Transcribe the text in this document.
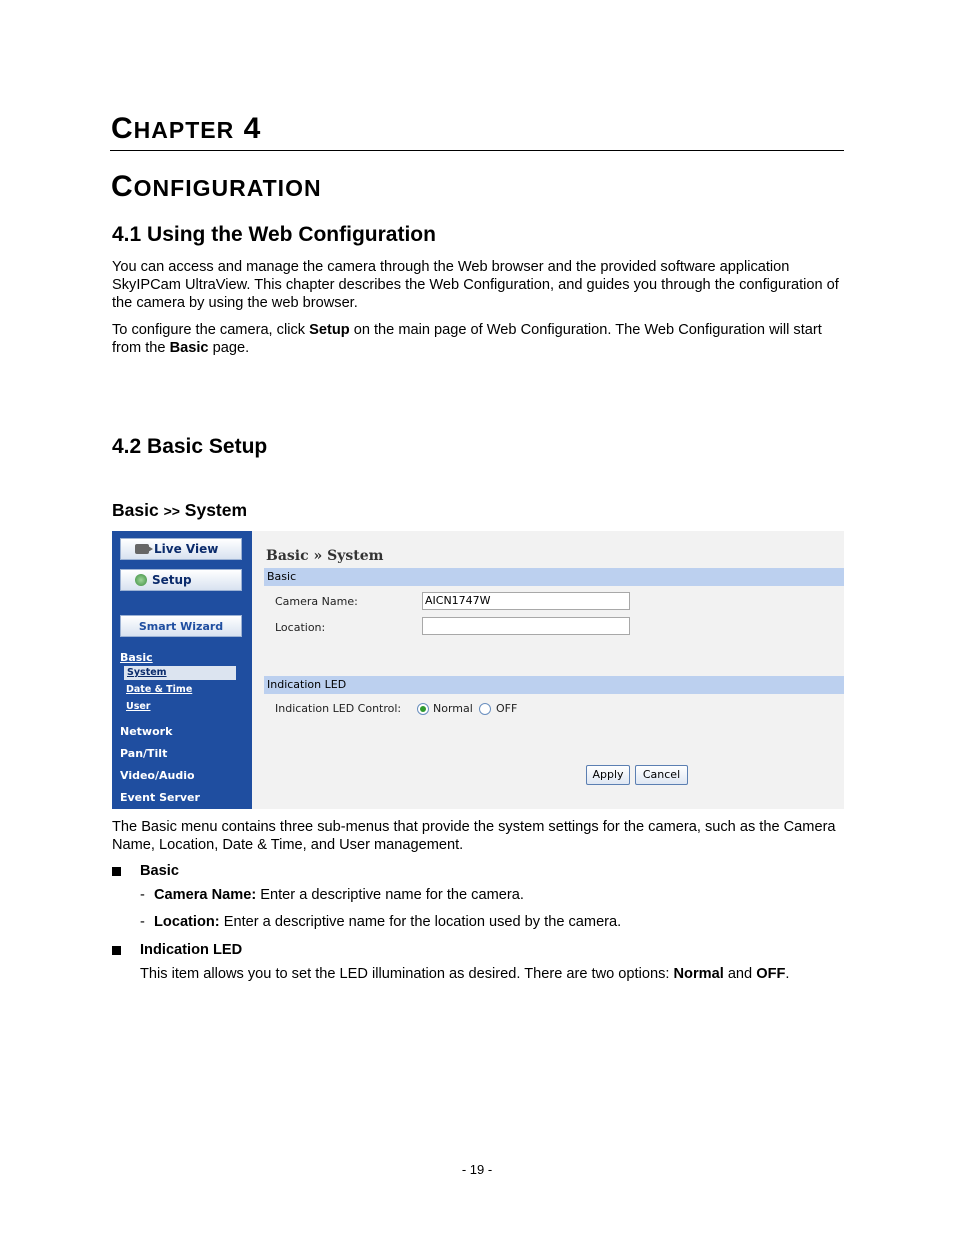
CHAPTER 4
CONFIGURATION
4.1 Using the Web Configuration
You can access and manage the camera through the Web browser and the provided software application SkyIPCam UltraView. This chapter describes the Web Configuration, and guides you through the configuration of the camera by using the web browser.
To configure the camera, click Setup on the main page of Web Configuration. The Web Configuration will start from the Basic page.
4.2 Basic Setup
Basic >> System
Live View
Setup
Smart Wizard
Basic
System
Date & Time
User
Network
Pan/Tilt
Video/Audio
Event Server
Basic » System
Basic
Camera Name:	AICN1747W
Location:
Indication LED
Indication LED Control:	Normal OFF
Apply	Cancel
The Basic menu contains three sub-menus that provide the system settings for the camera, such as the Camera Name, Location, Date & Time, and User management.
Basic
- Camera Name: Enter a descriptive name for the camera.
- Location: Enter a descriptive name for the location used by the camera.
Indication LED
This item allows you to set the LED illumination as desired. There are two options: Normal and OFF.
- 19 -
